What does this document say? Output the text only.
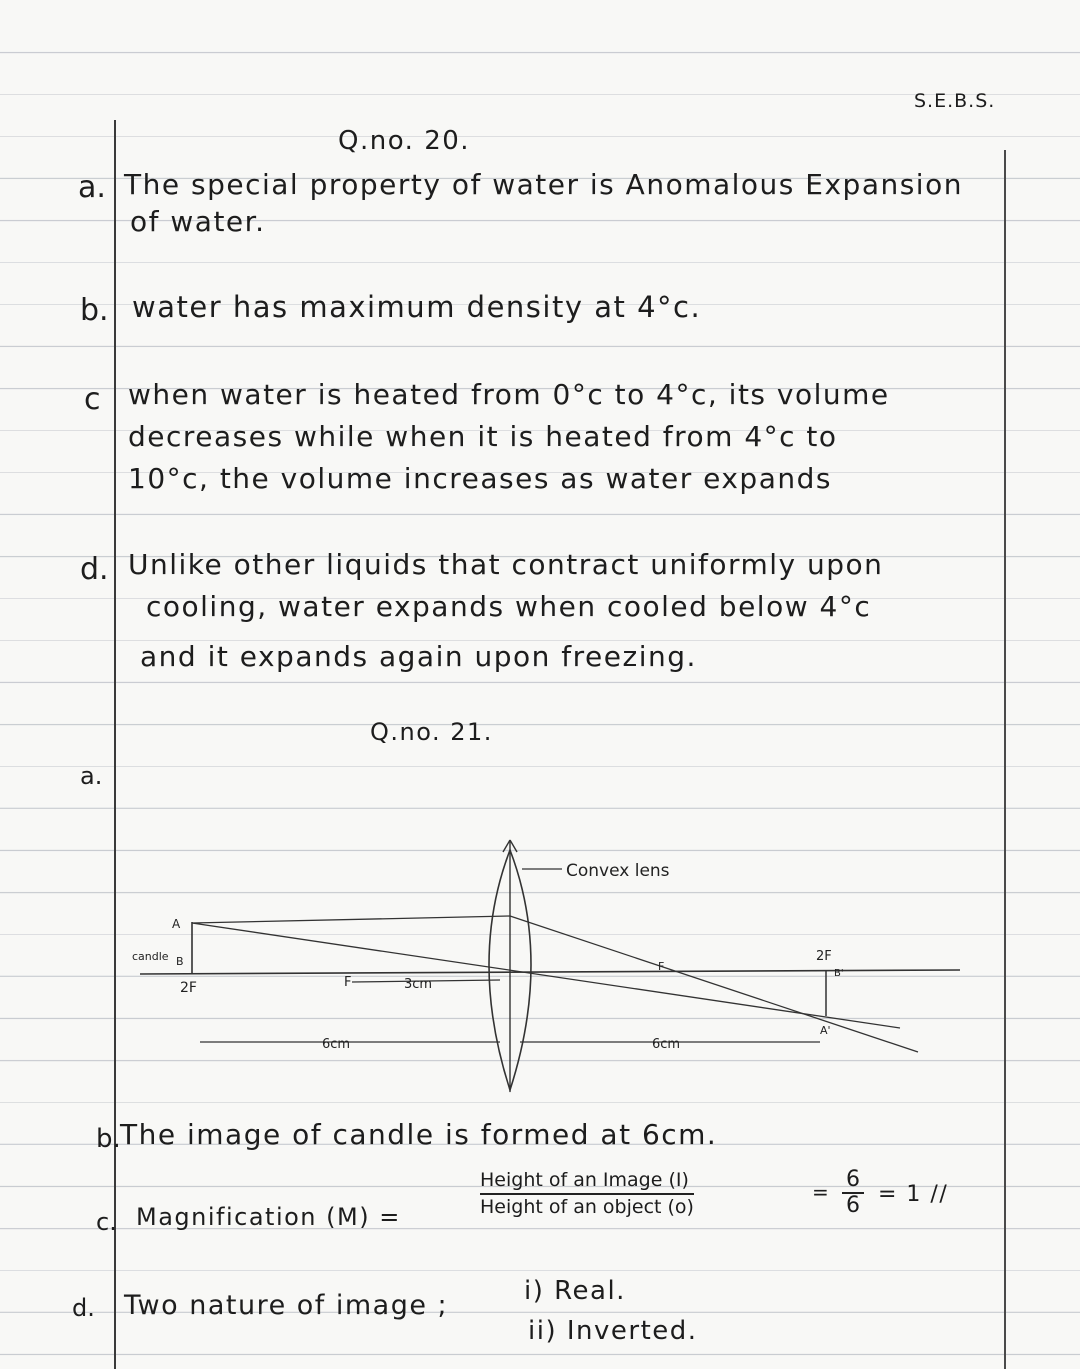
S.E.B.S.
Q.no. 20.
a. The special property of water is Anomalous Expansion
of water.
b. water has maximum density at 4°c.
c when water is heated from 0°c to 4°c, its volume
decreases while when it is heated from 4°c to
10°c, the volume increases as water expands
d. Unlike other liquids that contract uniformly upon
cooling, water expands when cooled below 4°c
and it expands again upon freezing.
Q.no. 21.
a.
Convex lens
A
B
candle
2F	F	3cm
F
2F
B'
A'
6cm	6cm
b. The image of candle is formed at 6cm.
c. Magnification (M) =
Height of an Image (I)
Height of an object (o)
= $\frac{6}{6} = 1$ //
d. Two nature of image ;	i) Real.
ii) Inverted.
